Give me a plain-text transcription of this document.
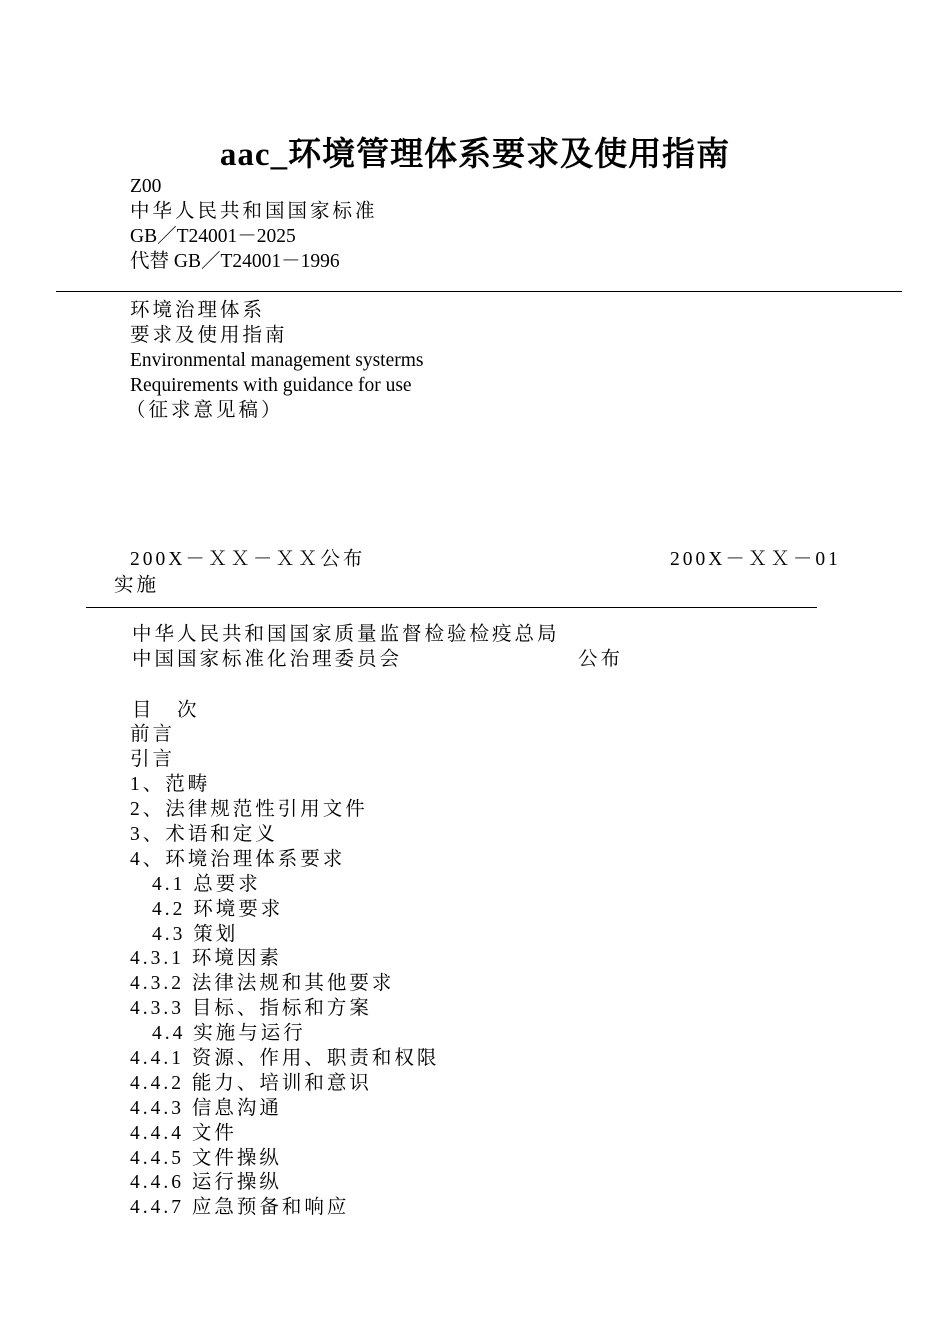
aac_环境管理体系要求及使用指南
Z00
中华人民共和国国家标准
GB／T24001－2025
代替 GB／T24001－1996
环境治理体系
要求及使用指南
Environmental management systerms
Requirements with guidance for use
（征求意见稿）
200X－ＸＸ－ＸＸ公布	200X－ＸＸ－01
实施
中华人民共和国国家质量监督检验检疫总局
中国国家标准化治理委员会	公布
目　次
前言
引言
1、范畴
2、法律规范性引用文件
3、术语和定义
4、环境治理体系要求
4.1 总要求
4.2 环境要求
4.3 策划
4.3.1 环境因素
4.3.2 法律法规和其他要求
4.3.3 目标、指标和方案
4.4 实施与运行
4.4.1 资源、作用、职责和权限
4.4.2 能力、培训和意识
4.4.3 信息沟通
4.4.4 文件
4.4.5 文件操纵
4.4.6 运行操纵
4.4.7 应急预备和响应
